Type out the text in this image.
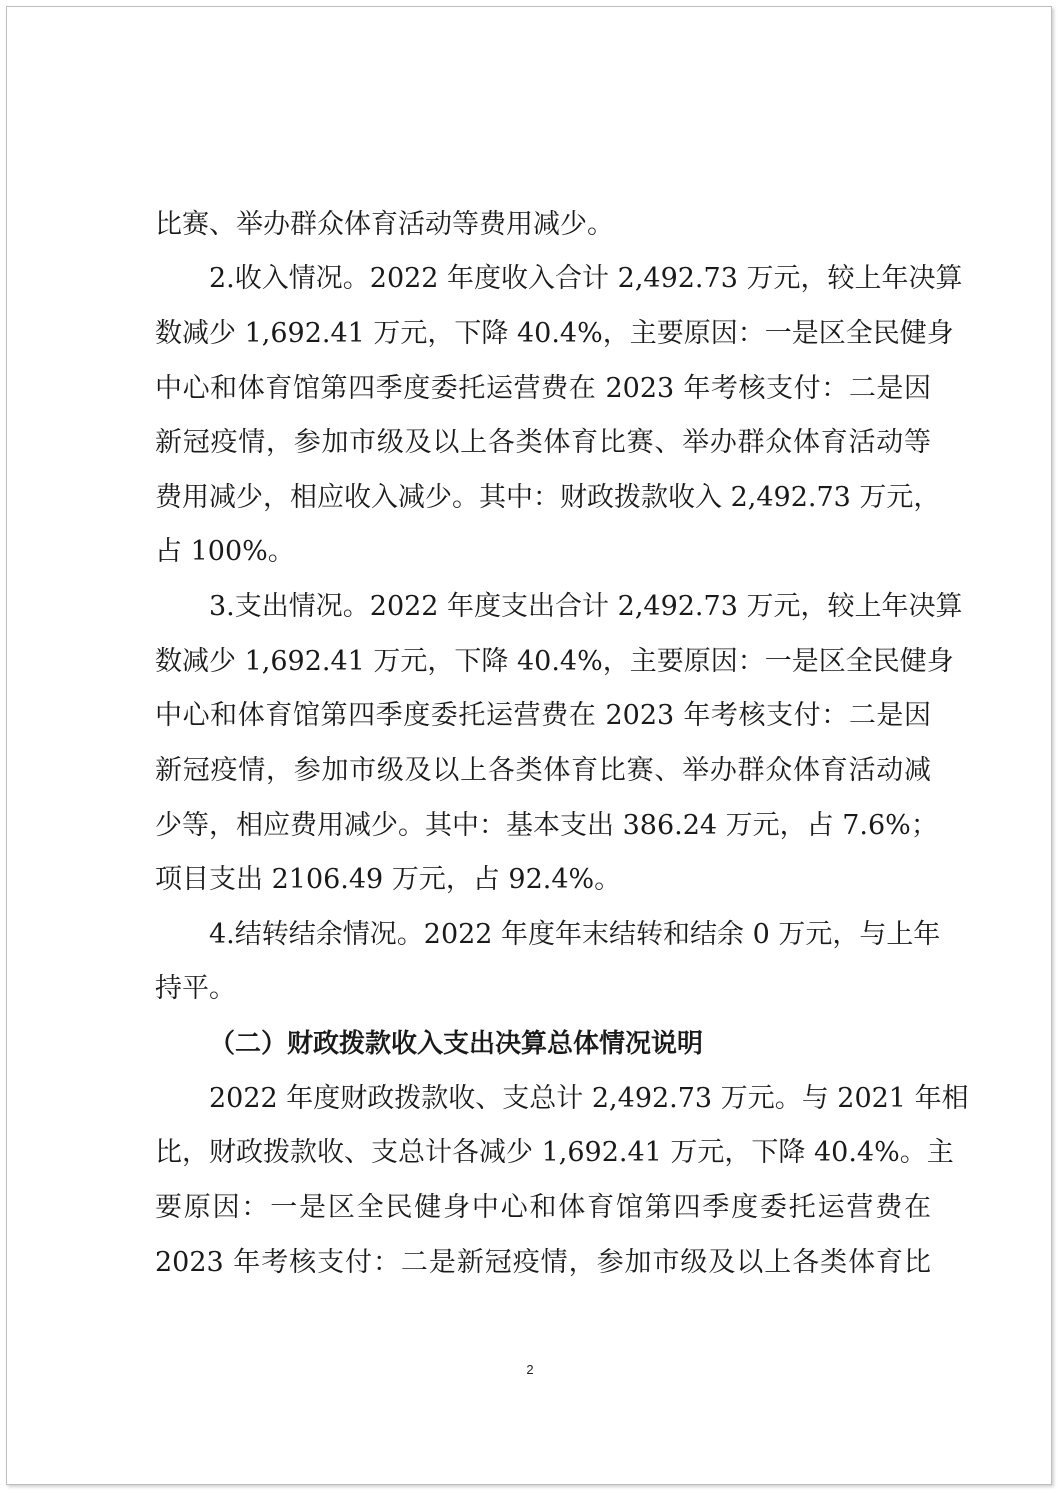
比赛、举办群众体育活动等费用减少。
2.收入情况。2022 年度收入合计 2,492.73 万元，较上年决算
数减少 1,692.41 万元，下降 40.4%，主要原因：一是区全民健身
中心和体育馆第四季度委托运营费在 2023 年考核支付：二是因
新冠疫情，参加市级及以上各类体育比赛、举办群众体育活动等
费用减少，相应收入减少。其中：财政拨款收入 2,492.73 万元，
占 100%。
3.支出情况。2022 年度支出合计 2,492.73 万元，较上年决算
数减少 1,692.41 万元，下降 40.4%，主要原因：一是区全民健身
中心和体育馆第四季度委托运营费在 2023 年考核支付：二是因
新冠疫情，参加市级及以上各类体育比赛、举办群众体育活动减
少等，相应费用减少。其中：基本支出 386.24 万元，占 7.6%；
项目支出 2106.49 万元，占 92.4%。
4.结转结余情况。2022 年度年末结转和结余 0 万元，与上年
持平。
（二）财政拨款收入支出决算总体情况说明
2022 年度财政拨款收、支总计 2,492.73 万元。与 2021 年相
比，财政拨款收、支总计各减少 1,692.41 万元，下降 40.4%。主
要原因：一是区全民健身中心和体育馆第四季度委托运营费在
2023 年考核支付：二是新冠疫情，参加市级及以上各类体育比
2
